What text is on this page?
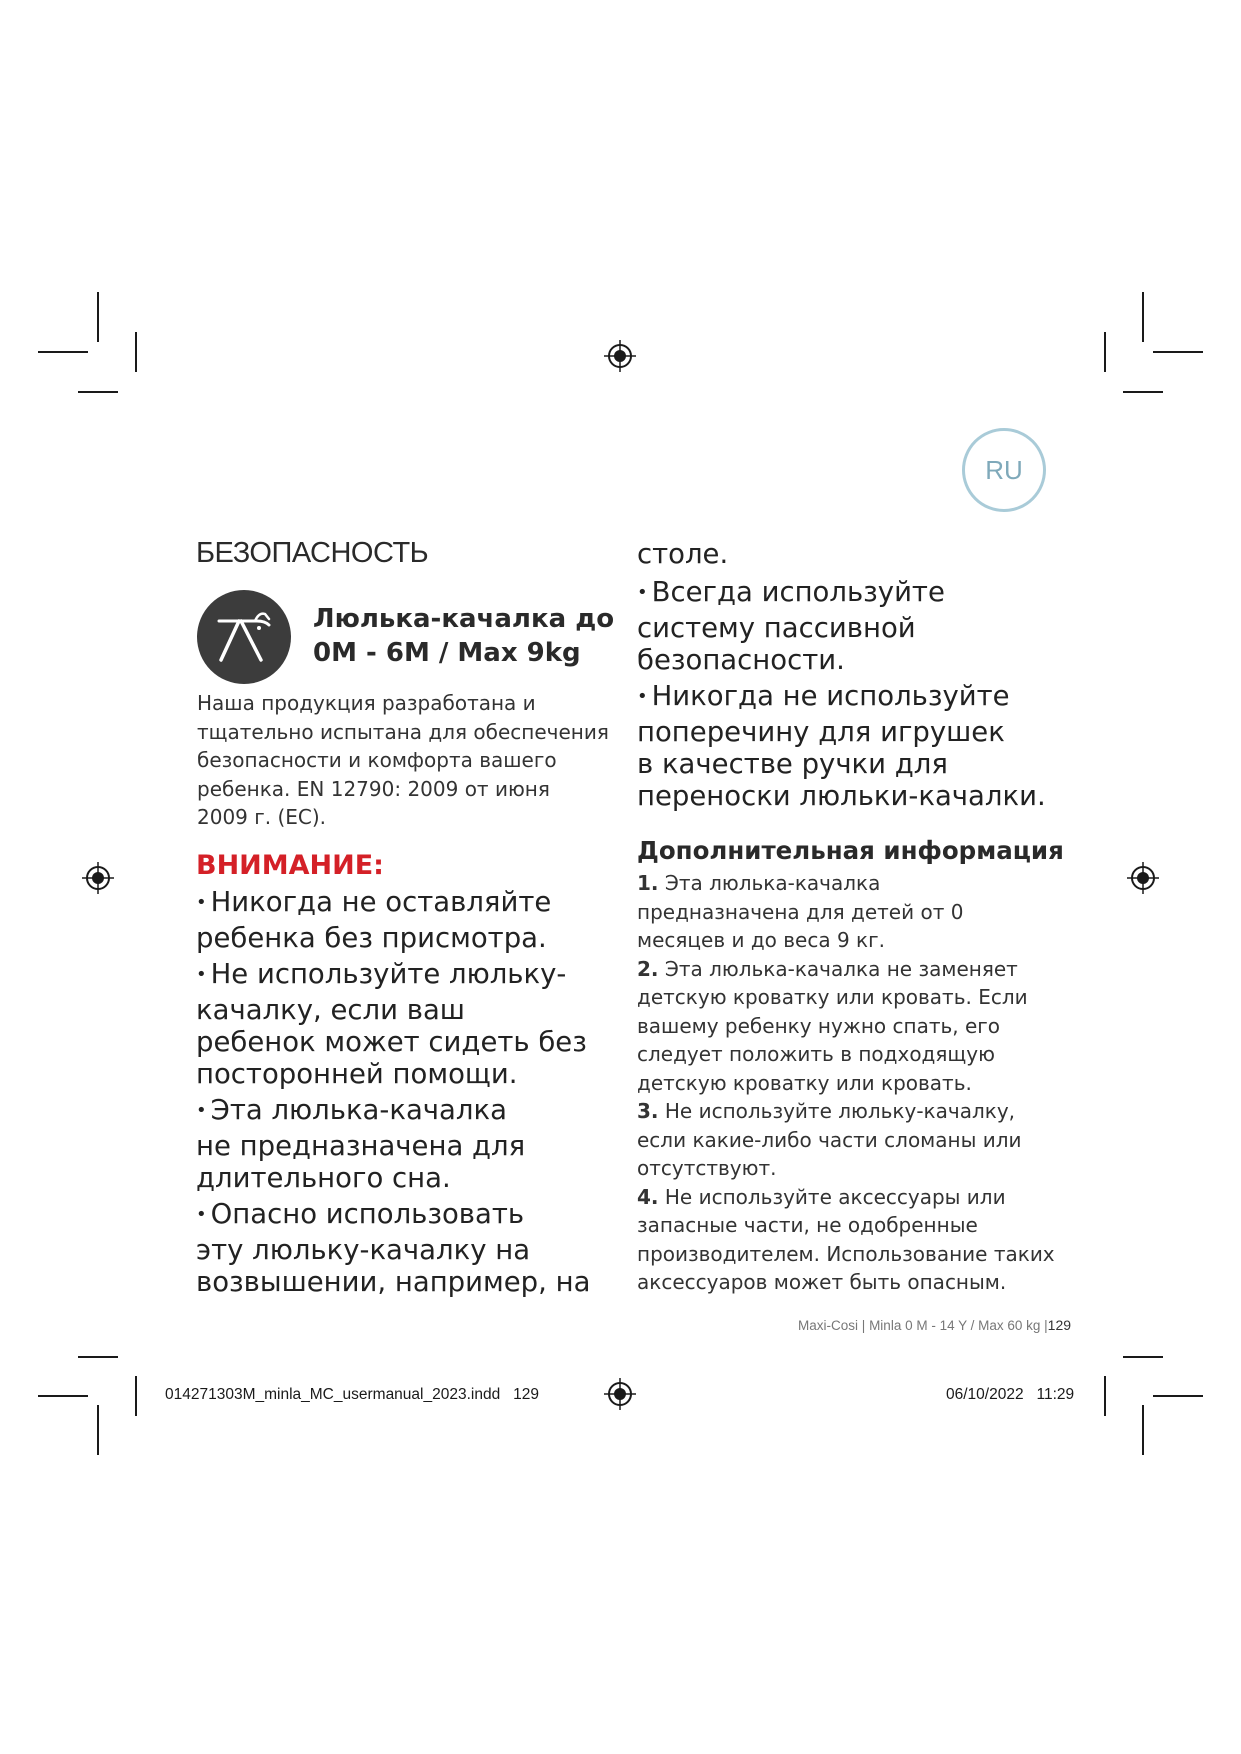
RU
БЕЗОПАСНОСТЬ
Люлька-качалка до
0M - 6M / Max 9kg
Наша продукция разработана и
тщательно испытана для обеспечения
безопасности и комфорта вашего
ребенка. EN 12790: 2009 от июня
2009 г. (ЕС).
ВНИМАНИЕ:
• Никогда не оставляйте
ребенка без присмотра.
• Не используйте люльку-
качалку, если ваш
ребенок может сидеть без
посторонней помощи.
• Эта люлька-качалка
не предназначена для
длительного сна.
• Опасно использовать
эту люльку-качалку на
возвышении, например, на
столе.
• Всегда используйте
систему пассивной
безопасности.
• Никогда не используйте
поперечину для игрушек
в качестве ручки для
переноски люльки-качалки.
Дополнительная информация
1. Эта люлька-качалка
предназначена для детей от 0
месяцев и до веса 9 кг.
2. Эта люлька-качалка не заменяет
детскую кроватку или кровать. Если
вашему ребенку нужно спать, его
следует положить в подходящую
детскую кроватку или кровать.
3. Не используйте люльку-качалку,
если какие-либо части сломаны или
отсутствуют.
4. Не используйте аксессуары или
запасные части, не одобренные
производителем. Использование таких
аксессуаров может быть опасным.
Maxi-Cosi | Minla 0 M - 14 Y / Max 60 kg |129
014271303M_minla_MC_usermanual_2023.indd 129	06/10/2022 11:29
